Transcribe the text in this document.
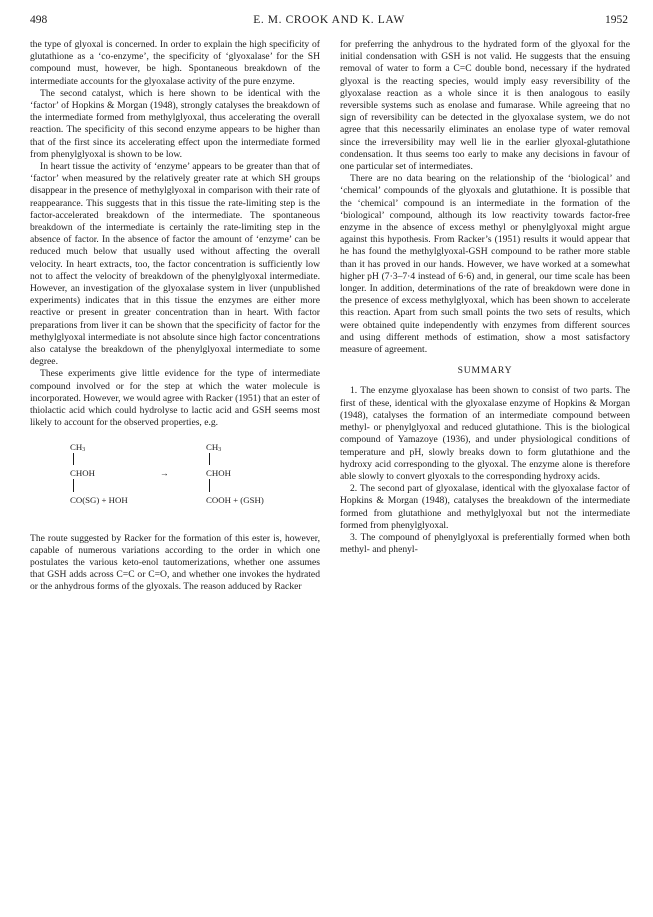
498	E. M. CROOK AND K. LAW	1952

the type of glyoxal is concerned. In order to explain the high specificity of glutathione as a ‘co-enzyme’, the specificity of ‘glyoxalase’ for the SH compound must, however, be high. Spontaneous breakdown of the intermediate accounts for the glyoxalase activity of the pure enzyme.

The second catalyst, which is here shown to be identical with the ‘factor’ of Hopkins & Morgan (1948), strongly catalyses the breakdown of the intermediate formed from methylglyoxal, thus accelerating the overall reaction. The specificity of this second enzyme appears to be higher than that of the first since its accelerating effect upon the intermediate formed from phenylglyoxal is shown to be low.

In heart tissue the activity of ‘enzyme’ appears to be greater than that of ‘factor’ when measured by the relatively greater rate at which SH groups disappear in the presence of methylglyoxal in comparison with their rate of reappearance. This suggests that in this tissue the rate-limiting step is the factor-accelerated breakdown of the intermediate. The spontaneous breakdown of the intermediate is certainly the rate-limiting step in the absence of factor. In the absence of factor the amount of ‘enzyme’ can be reduced much below that usually used without affecting the overall velocity. In heart extracts, too, the factor concentration is sufficiently low not to affect the velocity of breakdown of the phenylglyoxal intermediate. However, an investigation of the glyoxalase system in liver (unpublished experiments) indicates that in this tissue the enzymes are either more reactive or present in greater concentration than in heart. With factor preparations from liver it can be shown that the specificity of factor for the methylglyoxal intermediate is not absolute since high factor concentrations also catalyse the breakdown of the phenylglyoxal intermediate to some degree.

These experiments give little evidence for the type of intermediate compound involved or for the step at which the water molecule is incorporated. However, we would agree with Racker (1951) that an ester of thiolactic acid which could hydrolyse to lactic acid and GSH seems most likely to account for the observed properties, e.g.

CH3
CHOH
CO(SG) + HOH
→
CH3
CHOH
COOH + (GSH)

The route suggested by Racker for the formation of this ester is, however, capable of numerous variations according to the order in which one postulates the various keto-enol tautomerizations, whether one assumes that GSH adds across C=C or C=O, and whether one invokes the hydrated or the anhydrous forms of the glyoxals. The reason adduced by Racker

for preferring the anhydrous to the hydrated form of the glyoxal for the initial condensation with GSH is not valid. He suggests that the ensuing removal of water to form a C=C double bond, necessary if the hydrated glyoxal is the reacting species, would imply easy reversibility of the glyoxalase reaction as a whole since it is then analogous to easily reversible systems such as enolase and fumarase. While agreeing that no sign of reversibility can be detected in the glyoxalase system, we do not agree that this necessarily eliminates an enolase type of water removal since the irreversibility may well lie in the earlier glyoxal-glutathione condensation. It thus seems too early to make any decisions in favour of one particular set of intermediates.

There are no data bearing on the relationship of the ‘biological’ and ‘chemical’ compounds of the glyoxals and glutathione. It is possible that the ‘chemical’ compound is an intermediate in the formation of the ‘biological’ compound, although its low reactivity towards factor-free enzyme in the absence of excess methyl or phenylglyoxal might argue against this hypothesis. From Racker’s (1951) results it would appear that he has found the methylglyoxal-GSH compound to be rather more stable than it has proved in our hands. However, we have worked at a somewhat higher pH (7·3–7·4 instead of 6·6) and, in general, our time scale has been longer. In addition, determinations of the rate of breakdown were done in the presence of excess methylglyoxal, which has been shown to accelerate this reaction. Apart from such small points the two sets of results, which were obtained quite independently with enzymes from different sources and using different methods of estimation, show a most satisfactory measure of agreement.

SUMMARY

1. The enzyme glyoxalase has been shown to consist of two parts. The first of these, identical with the glyoxalase enzyme of Hopkins & Morgan (1948), catalyses the formation of an intermediate compound between methyl- or phenylglyoxal and reduced glutathione. This is the biological compound of Yamazoye (1936), and under physiological conditions of temperature and pH, slowly breaks down to form glutathione and the hydroxy acid corresponding to the glyoxal. The enzyme alone is therefore able slowly to convert glyoxals to the corresponding hydroxy acids.

2. The second part of glyoxalase, identical with the glyoxalase factor of Hopkins & Morgan (1948), catalyses the breakdown of the intermediate formed from glutathione and methylglyoxal but not the intermediate formed from phenylglyoxal.

3. The compound of phenylglyoxal is preferentially formed when both methyl- and phenyl-
